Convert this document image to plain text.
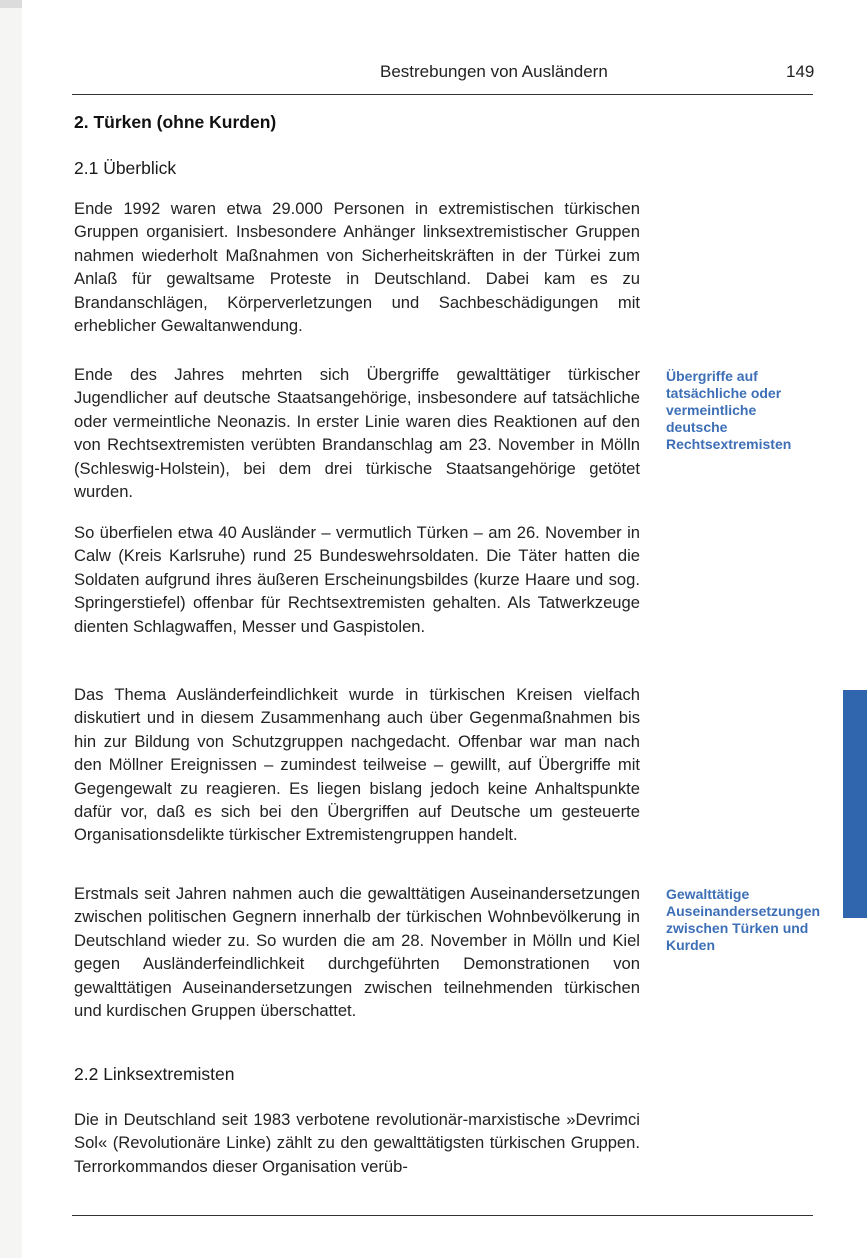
Bestrebungen von Ausländern	149
2. Türken (ohne Kurden)
2.1 Überblick
Ende 1992 waren etwa 29.000 Personen in extremistischen türkischen Gruppen organisiert. Insbesondere Anhänger linksextremistischer Gruppen nahmen wiederholt Maßnahmen von Sicherheitskräften in der Türkei zum Anlaß für gewaltsame Proteste in Deutschland. Dabei kam es zu Brandanschlägen, Körperverletzungen und Sachbeschädigungen mit erheblicher Gewaltanwendung.
Ende des Jahres mehrten sich Übergriffe gewalttätiger türkischer Jugendlicher auf deutsche Staatsangehörige, insbesondere auf tatsächliche oder vermeintliche Neonazis. In erster Linie waren dies Reaktionen auf den von Rechtsextremisten verübten Brandanschlag am 23. November in Mölln (Schleswig-Holstein), bei dem drei türkische Staatsangehörige getötet wurden.
So überfielen etwa 40 Ausländer – vermutlich Türken – am 26. November in Calw (Kreis Karlsruhe) rund 25 Bundeswehrsoldaten. Die Täter hatten die Soldaten aufgrund ihres äußeren Erscheinungsbildes (kurze Haare und sog. Springerstiefel) offenbar für Rechtsextremisten gehalten. Als Tatwerkzeuge dienten Schlagwaffen, Messer und Gaspistolen.
Das Thema Ausländerfeindlichkeit wurde in türkischen Kreisen vielfach diskutiert und in diesem Zusammenhang auch über Gegenmaßnahmen bis hin zur Bildung von Schutzgruppen nachgedacht. Offenbar war man nach den Möllner Ereignissen – zumindest teilweise – gewillt, auf Übergriffe mit Gegengewalt zu reagieren. Es liegen bislang jedoch keine Anhaltspunkte dafür vor, daß es sich bei den Übergriffen auf Deutsche um gesteuerte Organisationsdelikte türkischer Extremistengruppen handelt.
Erstmals seit Jahren nahmen auch die gewalttätigen Auseinandersetzungen zwischen politischen Gegnern innerhalb der türkischen Wohnbevölkerung in Deutschland wieder zu. So wurden die am 28. November in Mölln und Kiel gegen Ausländerfeindlichkeit durchgeführten Demonstrationen von gewalttätigen Auseinandersetzungen zwischen teilnehmenden türkischen und kurdischen Gruppen überschattet.
2.2 Linksextremisten
Die in Deutschland seit 1983 verbotene revolutionär-marxistische »Devrimci Sol« (Revolutionäre Linke) zählt zu den gewalttätigsten türkischen Gruppen. Terrorkommandos dieser Organisation verüb-
Übergriffe auf tatsächliche oder vermeintliche deutsche Rechtsextremisten
Gewalttätige Auseinandersetzungen zwischen Türken und Kurden
